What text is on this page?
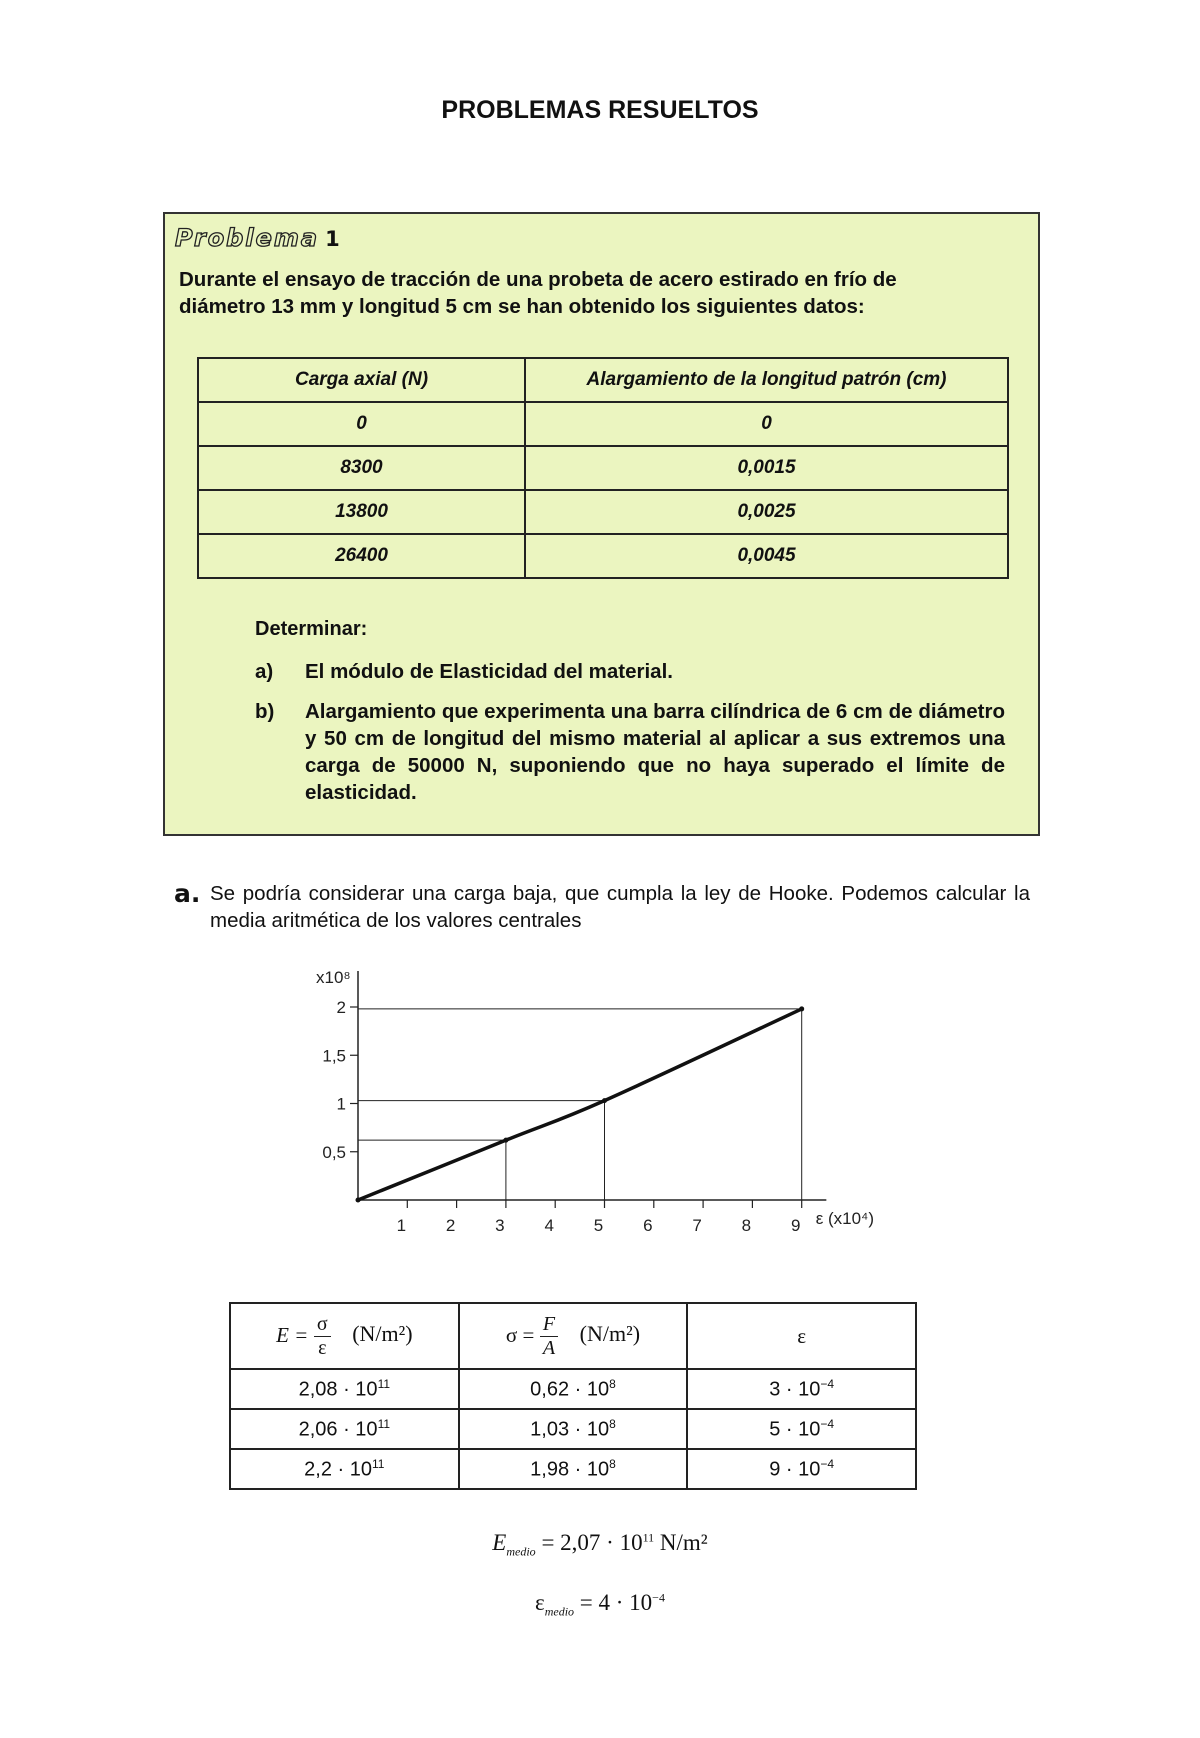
PROBLEMAS RESUELTOS
Problema 1
Durante el ensayo de tracción de una probeta de acero estirado en frío de
diámetro 13 mm y longitud 5 cm se han obtenido los siguientes datos:
Carga axial (N)	Alargamiento de la longitud patrón (cm)
0	0
8300	0,0015
13800	0,0025
26400	0,0045
Determinar:
a) El módulo de Elasticidad del material.
b) Alargamiento que experimenta una barra cilíndrica de 6 cm de diámetro y 50 cm de longitud del mismo material al aplicar a sus extremos una carga de 50000 N, suponiendo que no haya superado el límite de elasticidad.
a. Se podría considerar una carga baja, que cumpla la ley de Hooke. Podemos calcular la media aritmética de los valores centrales
x10⁸
ε (x10⁴)
0,5
1
1,5
2
1 2 3 4 5 6 7 8 9
$E = \frac{\sigma}{\varepsilon} (N/m^2)$	$\sigma = \frac{F}{A} (N/m^2)$	ε
$2,08 \cdot 10^{11}$	$0,62 \cdot 10^8$	$3 \cdot 10^{-4}$
$2,06 \cdot 10^{11}$	$1,03 \cdot 10^8$	$5 \cdot 10^{-4}$
$2,2 \cdot 10^{11}$	$1,98 \cdot 10^8$	$9 \cdot 10^{-4}$
$E_{medio} = 2,07 \cdot 10^{11}$ N/m²
$\varepsilon_{medio} = 4 \cdot 10^{-4}$
